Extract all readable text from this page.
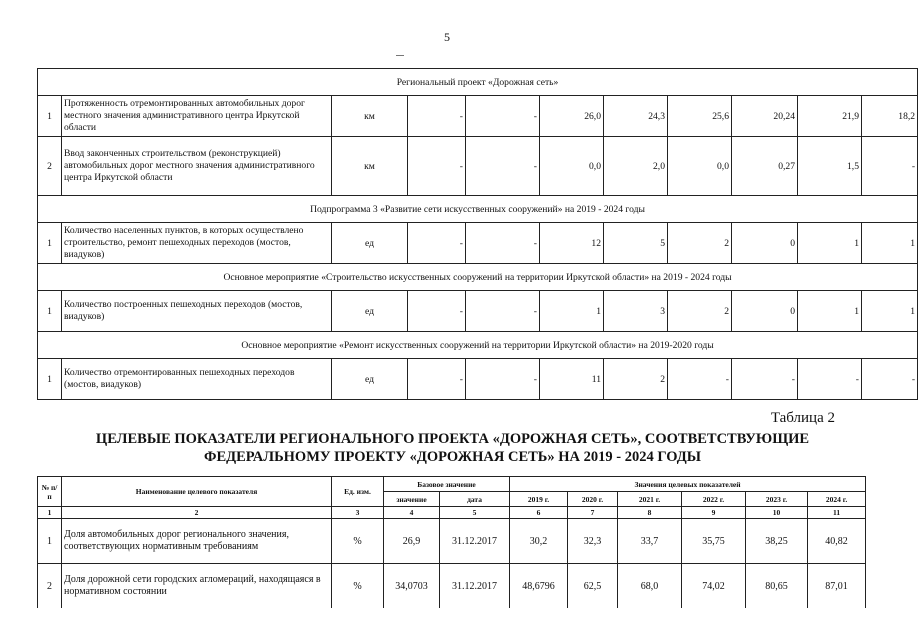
5
Региональный проект «Дорожная сеть»										
1	Протяженность отремонтированных автомобильных дорог местного значения административного центра Иркутской области	км	-	-	26,0	24,3	25,6	20,24	21,9	18,2
2	Ввод законченных строительством (реконструкцией) автомобильных дорог местного значения административного центра Иркутской области	км	-	-	0,0	2,0	0,0	0,27	1,5	-
Подпрограмма 3 «Развитие сети искусственных сооружений» на 2019 - 2024 годы										
1	Количество населенных пунктов, в которых осуществлено строительство, ремонт пешеходных переходов (мостов, виадуков)	ед	-	-	12	5	2	0	1	1
Основное мероприятие «Строительство искусственных сооружений на территории Иркутской области» на 2019 - 2024 годы										
1	Количество построенных пешеходных переходов (мостов, виадуков)	ед	-	-	1	3	2	0	1	1
Основное мероприятие «Ремонт искусственных сооружений на территории Иркутской области» на 2019-2020 годы										
1	Количество отремонтированных пешеходных переходов (мостов, виадуков)	ед	-	-	11	2	-	-	-	-
Таблица 2
ЦЕЛЕВЫЕ ПОКАЗАТЕЛИ РЕГИОНАЛЬНОГО ПРОЕКТА «ДОРОЖНАЯ СЕТЬ», СООТВЕТСТВУЮЩИЕ
ФЕДЕРАЛЬНОМУ ПРОЕКТУ «ДОРОЖНАЯ СЕТЬ» НА 2019 - 2024 ГОДЫ
№ п/п	Наименование целевого показателя	Ед. изм.	Базовое значение		Значения целевых показателей					
			значение	дата	2019 г.	2020 г.	2021 г.	2022 г.	2023 г.	2024 г.
1	2	3	4	5	6	7	8	9	10	11
1	Доля автомобильных дорог регионального значения, соответствующих нормативным требованиям	%	26,9	31.12.2017	30,2	32,3	33,7	35,75	38,25	40,82
2	Доля дорожной сети городских агломераций, находящаяся в нормативном состоянии	%	34,0703	31.12.2017	48,6796	62,5	68,0	74,02	80,65	87,01
